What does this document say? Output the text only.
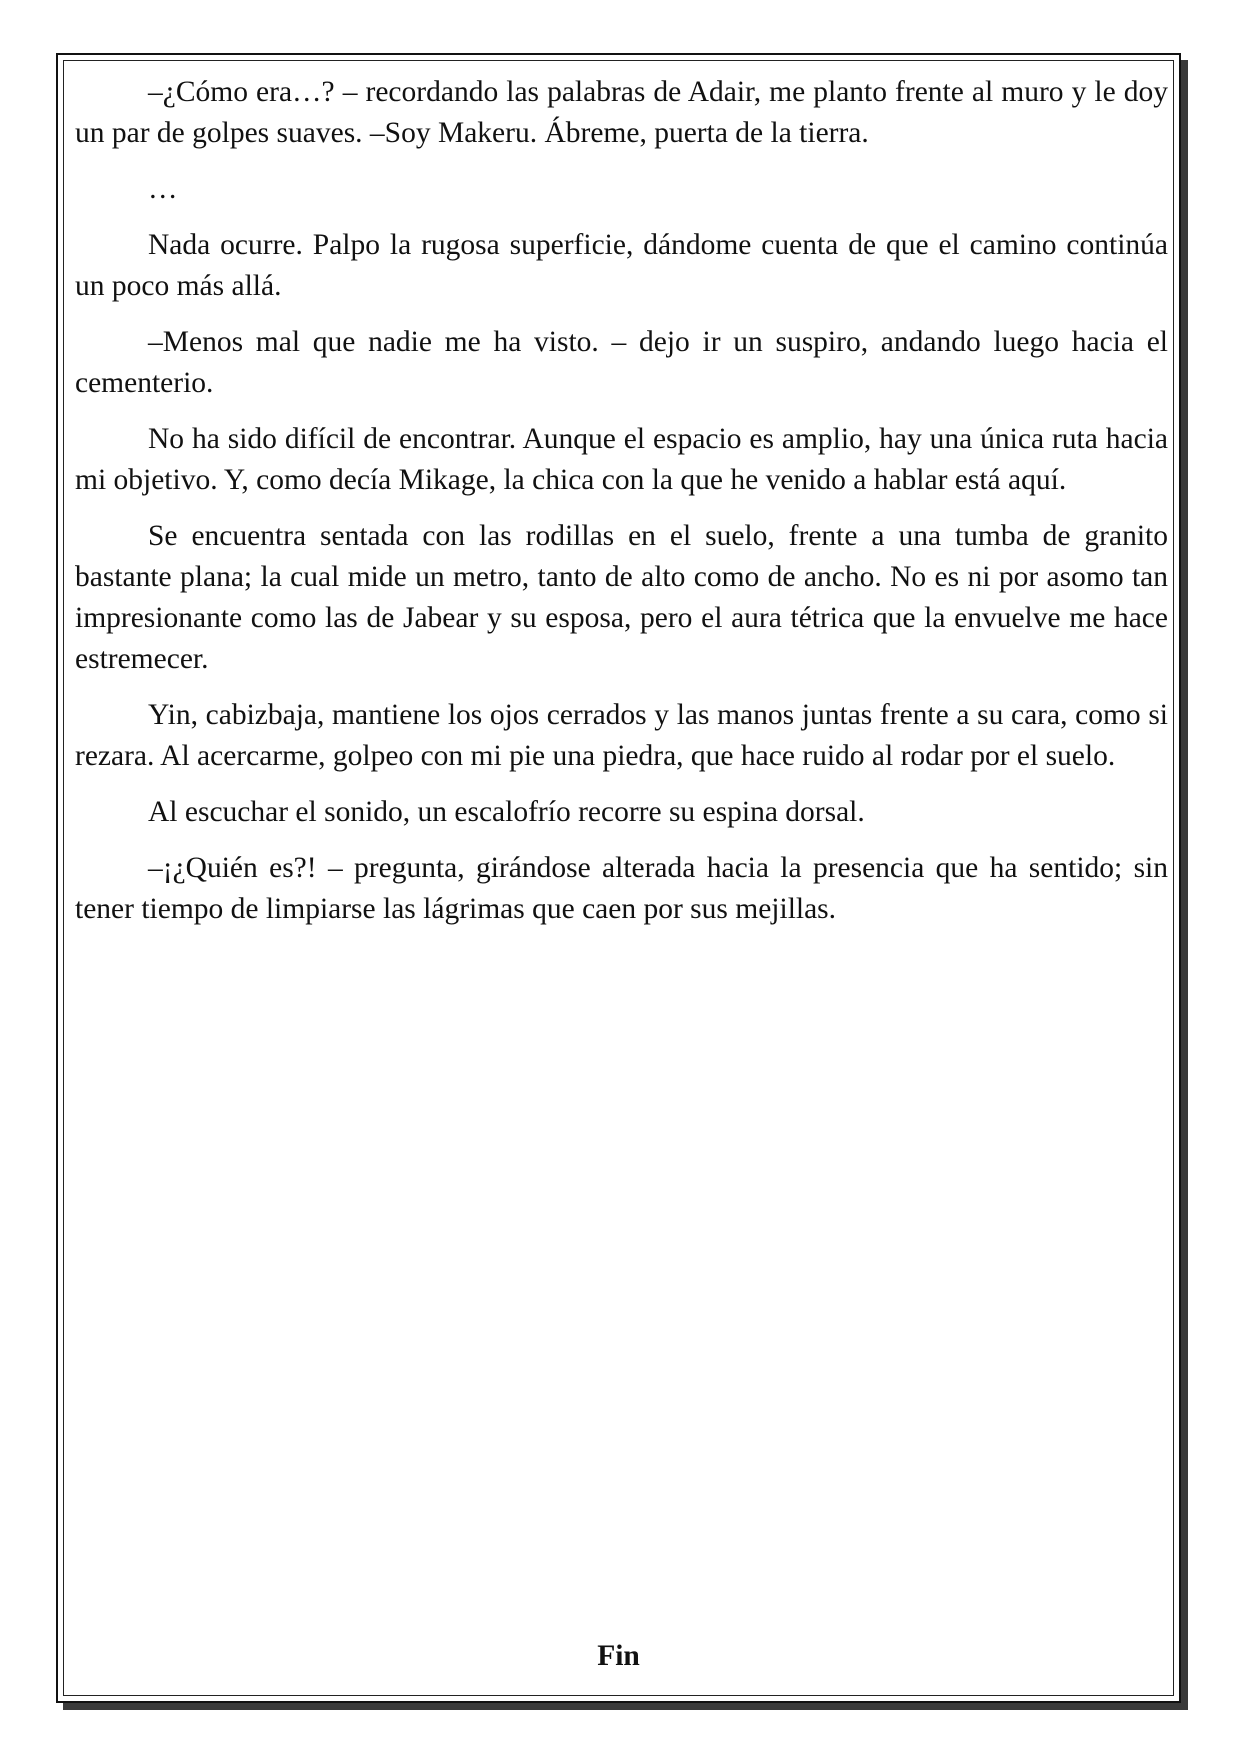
–¿Cómo era…? – recordando las palabras de Adair, me planto frente al muro y le doy un par de golpes suaves. –Soy Makeru. Ábreme, puerta de la tierra.

…

Nada ocurre. Palpo la rugosa superficie, dándome cuenta de que el camino continúa un poco más allá.

–Menos mal que nadie me ha visto. – dejo ir un suspiro, andando luego hacia el cementerio.

No ha sido difícil de encontrar. Aunque el espacio es amplio, hay una única ruta hacia mi objetivo. Y, como decía Mikage, la chica con la que he venido a hablar está aquí.

Se encuentra sentada con las rodillas en el suelo, frente a una tumba de granito bastante plana; la cual mide un metro, tanto de alto como de ancho. No es ni por asomo tan impresionante como las de Jabear y su esposa, pero el aura tétrica que la envuelve me hace estremecer.

Yin, cabizbaja, mantiene los ojos cerrados y las manos juntas frente a su cara, como si rezara. Al acercarme, golpeo con mi pie una piedra, que hace ruido al rodar por el suelo.

Al escuchar el sonido, un escalofrío recorre su espina dorsal.

–¡¿Quién es?! – pregunta, girándose alterada hacia la presencia que ha sentido; sin tener tiempo de limpiarse las lágrimas que caen por sus mejillas.

Fin
